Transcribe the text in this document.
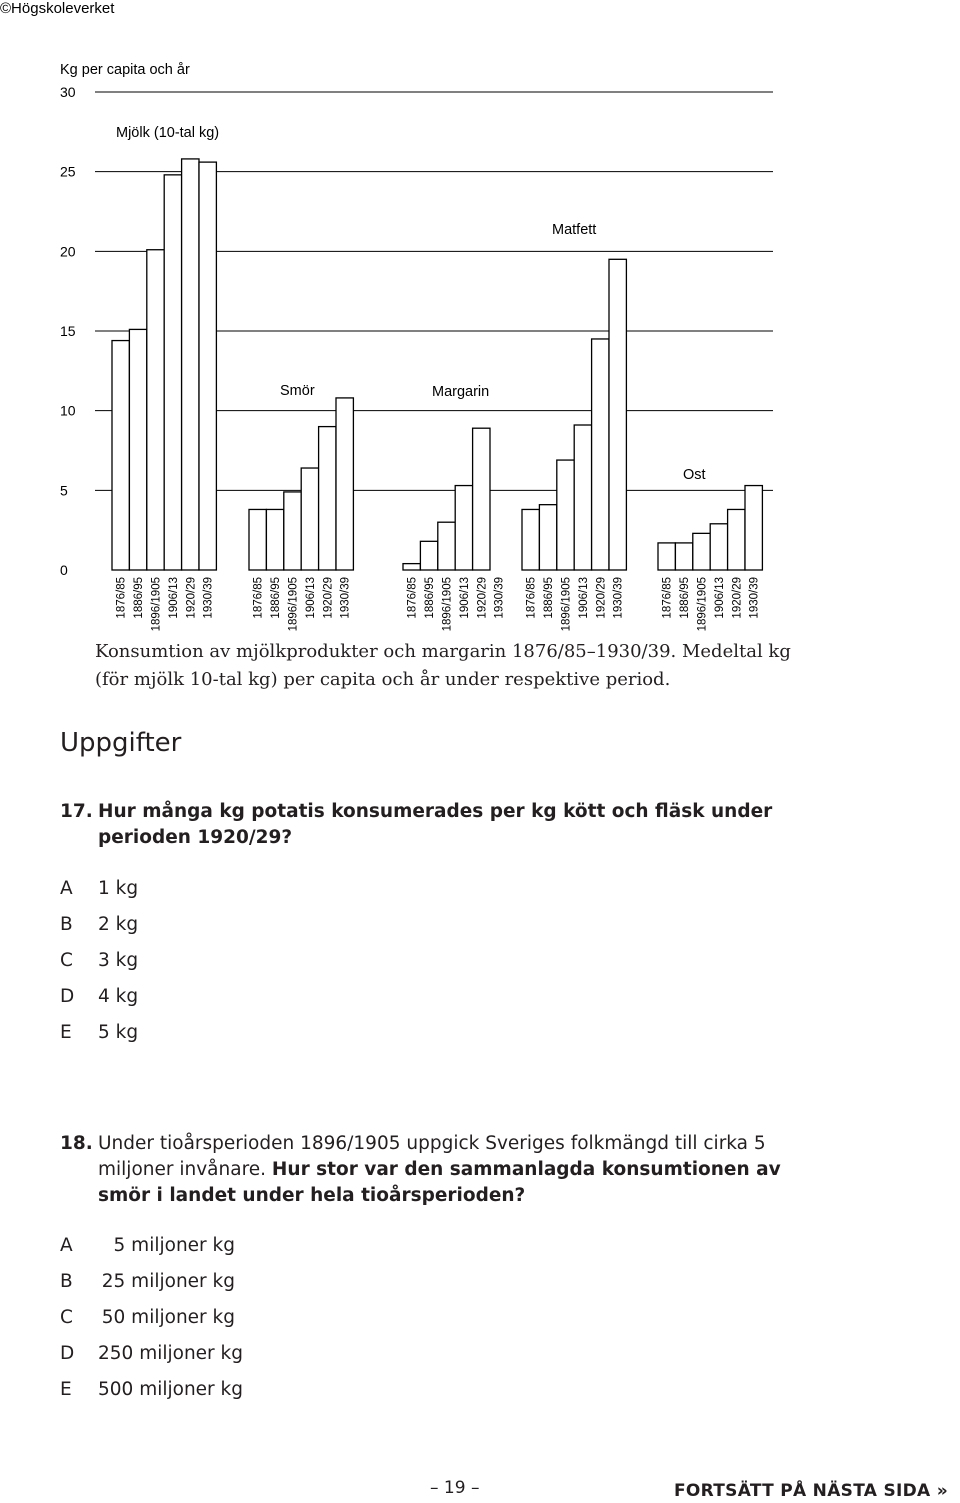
©Högskoleverket
Kg per capita och år
0
5
10
15
20
25
30
1876/85 1886/95 1896/1905 1906/13 1920/29 1930/39
Mjölk (10-tal kg)
1876/85 1886/95 1896/1905 1906/13 1920/29 1930/39
Smör
1876/85 1886/95 1896/1905 1906/13 1920/29 1930/39
Margarin
1876/85 1886/95 1896/1905 1906/13 1920/29 1930/39
Matfett
1876/85 1886/95 1896/1905 1906/13 1920/29 1930/39
Ost
Konsumtion av mjölkprodukter och margarin 1876/85–1930/39. Medeltal kg (för mjölk 10-tal kg) per capita och år under respektive period.
Uppgifter
17. Hur många kg potatis konsumerades per kg kött och fläsk under perioden 1920/29?
A 1 kg
B 2 kg
C 3 kg
D 4 kg
E 5 kg
18. Under tioårsperioden 1896/1905 uppgick Sveriges folkmängd till cirka 5 miljoner invånare. Hur stor var den sammanlagda konsumtionen av smör i landet under hela tioårsperioden?
A	5 miljoner kg
B 25 miljoner kg
C 50 miljoner kg
D 250 miljoner kg
E 500 miljoner kg
– 19 –	FORTSÄTT PÅ NÄSTA SIDA »
